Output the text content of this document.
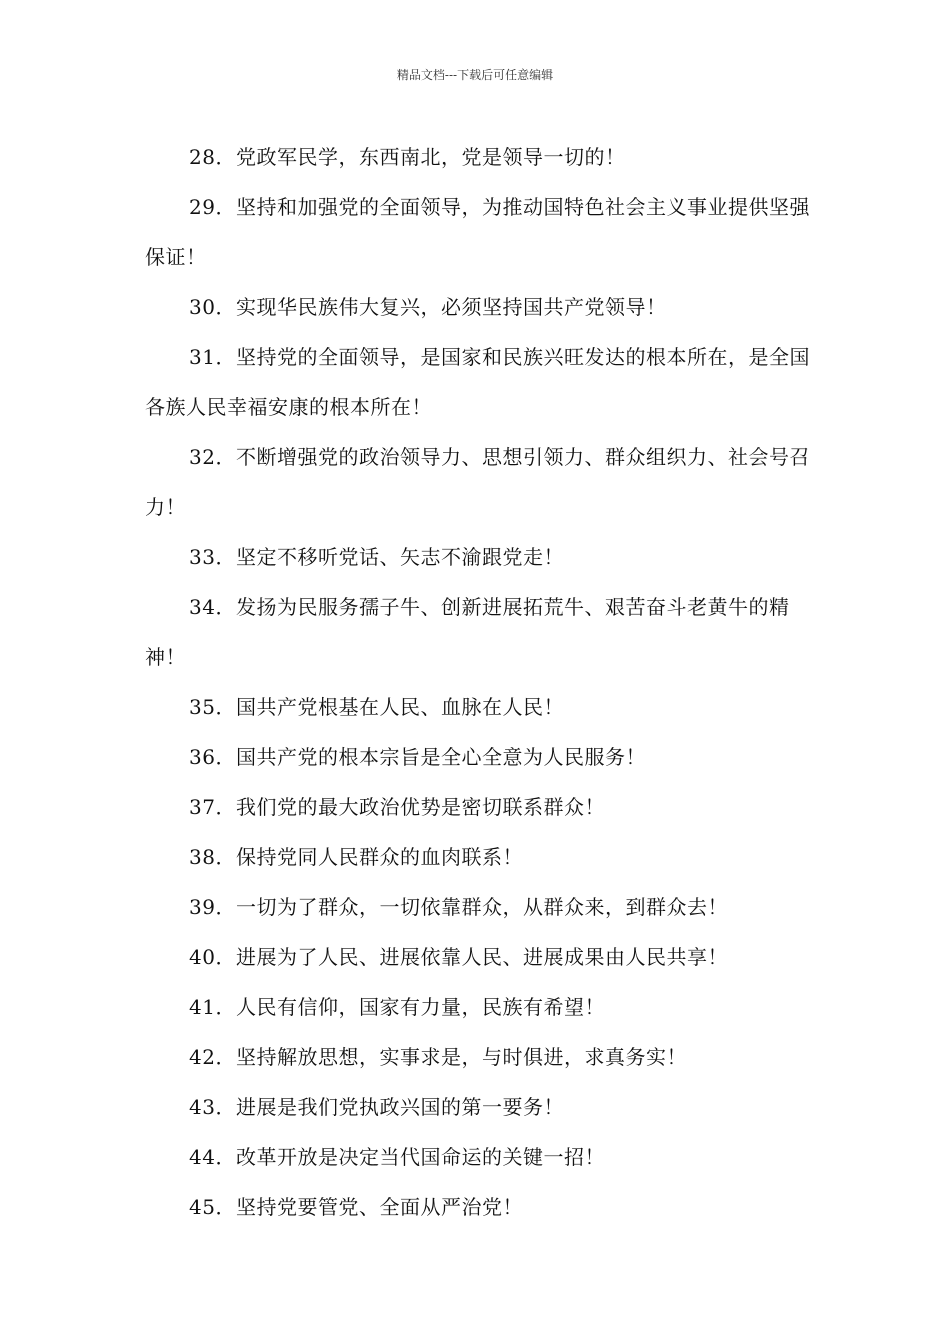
精品文档---下载后可任意编辑

28．党政军民学，东西南北，党是领导一切的！

29．坚持和加强党的全面领导，为推动国特色社会主义事业提供坚强保证！

30．实现华民族伟大复兴，必须坚持国共产党领导！

31．坚持党的全面领导，是国家和民族兴旺发达的根本所在，是全国各族人民幸福安康的根本所在！

32．不断增强党的政治领导力、思想引领力、群众组织力、社会号召力！

33．坚定不移听党话、矢志不渝跟党走！

34．发扬为民服务孺子牛、创新进展拓荒牛、艰苦奋斗老黄牛的精神！

35．国共产党根基在人民、血脉在人民！

36．国共产党的根本宗旨是全心全意为人民服务！

37．我们党的最大政治优势是密切联系群众！

38．保持党同人民群众的血肉联系！

39．一切为了群众，一切依靠群众，从群众来，到群众去！

40．进展为了人民、进展依靠人民、进展成果由人民共享！

41．人民有信仰，国家有力量，民族有希望！

42．坚持解放思想，实事求是，与时俱进，求真务实！

43．进展是我们党执政兴国的第一要务！

44．改革开放是决定当代国命运的关键一招！

45．坚持党要管党、全面从严治党！
